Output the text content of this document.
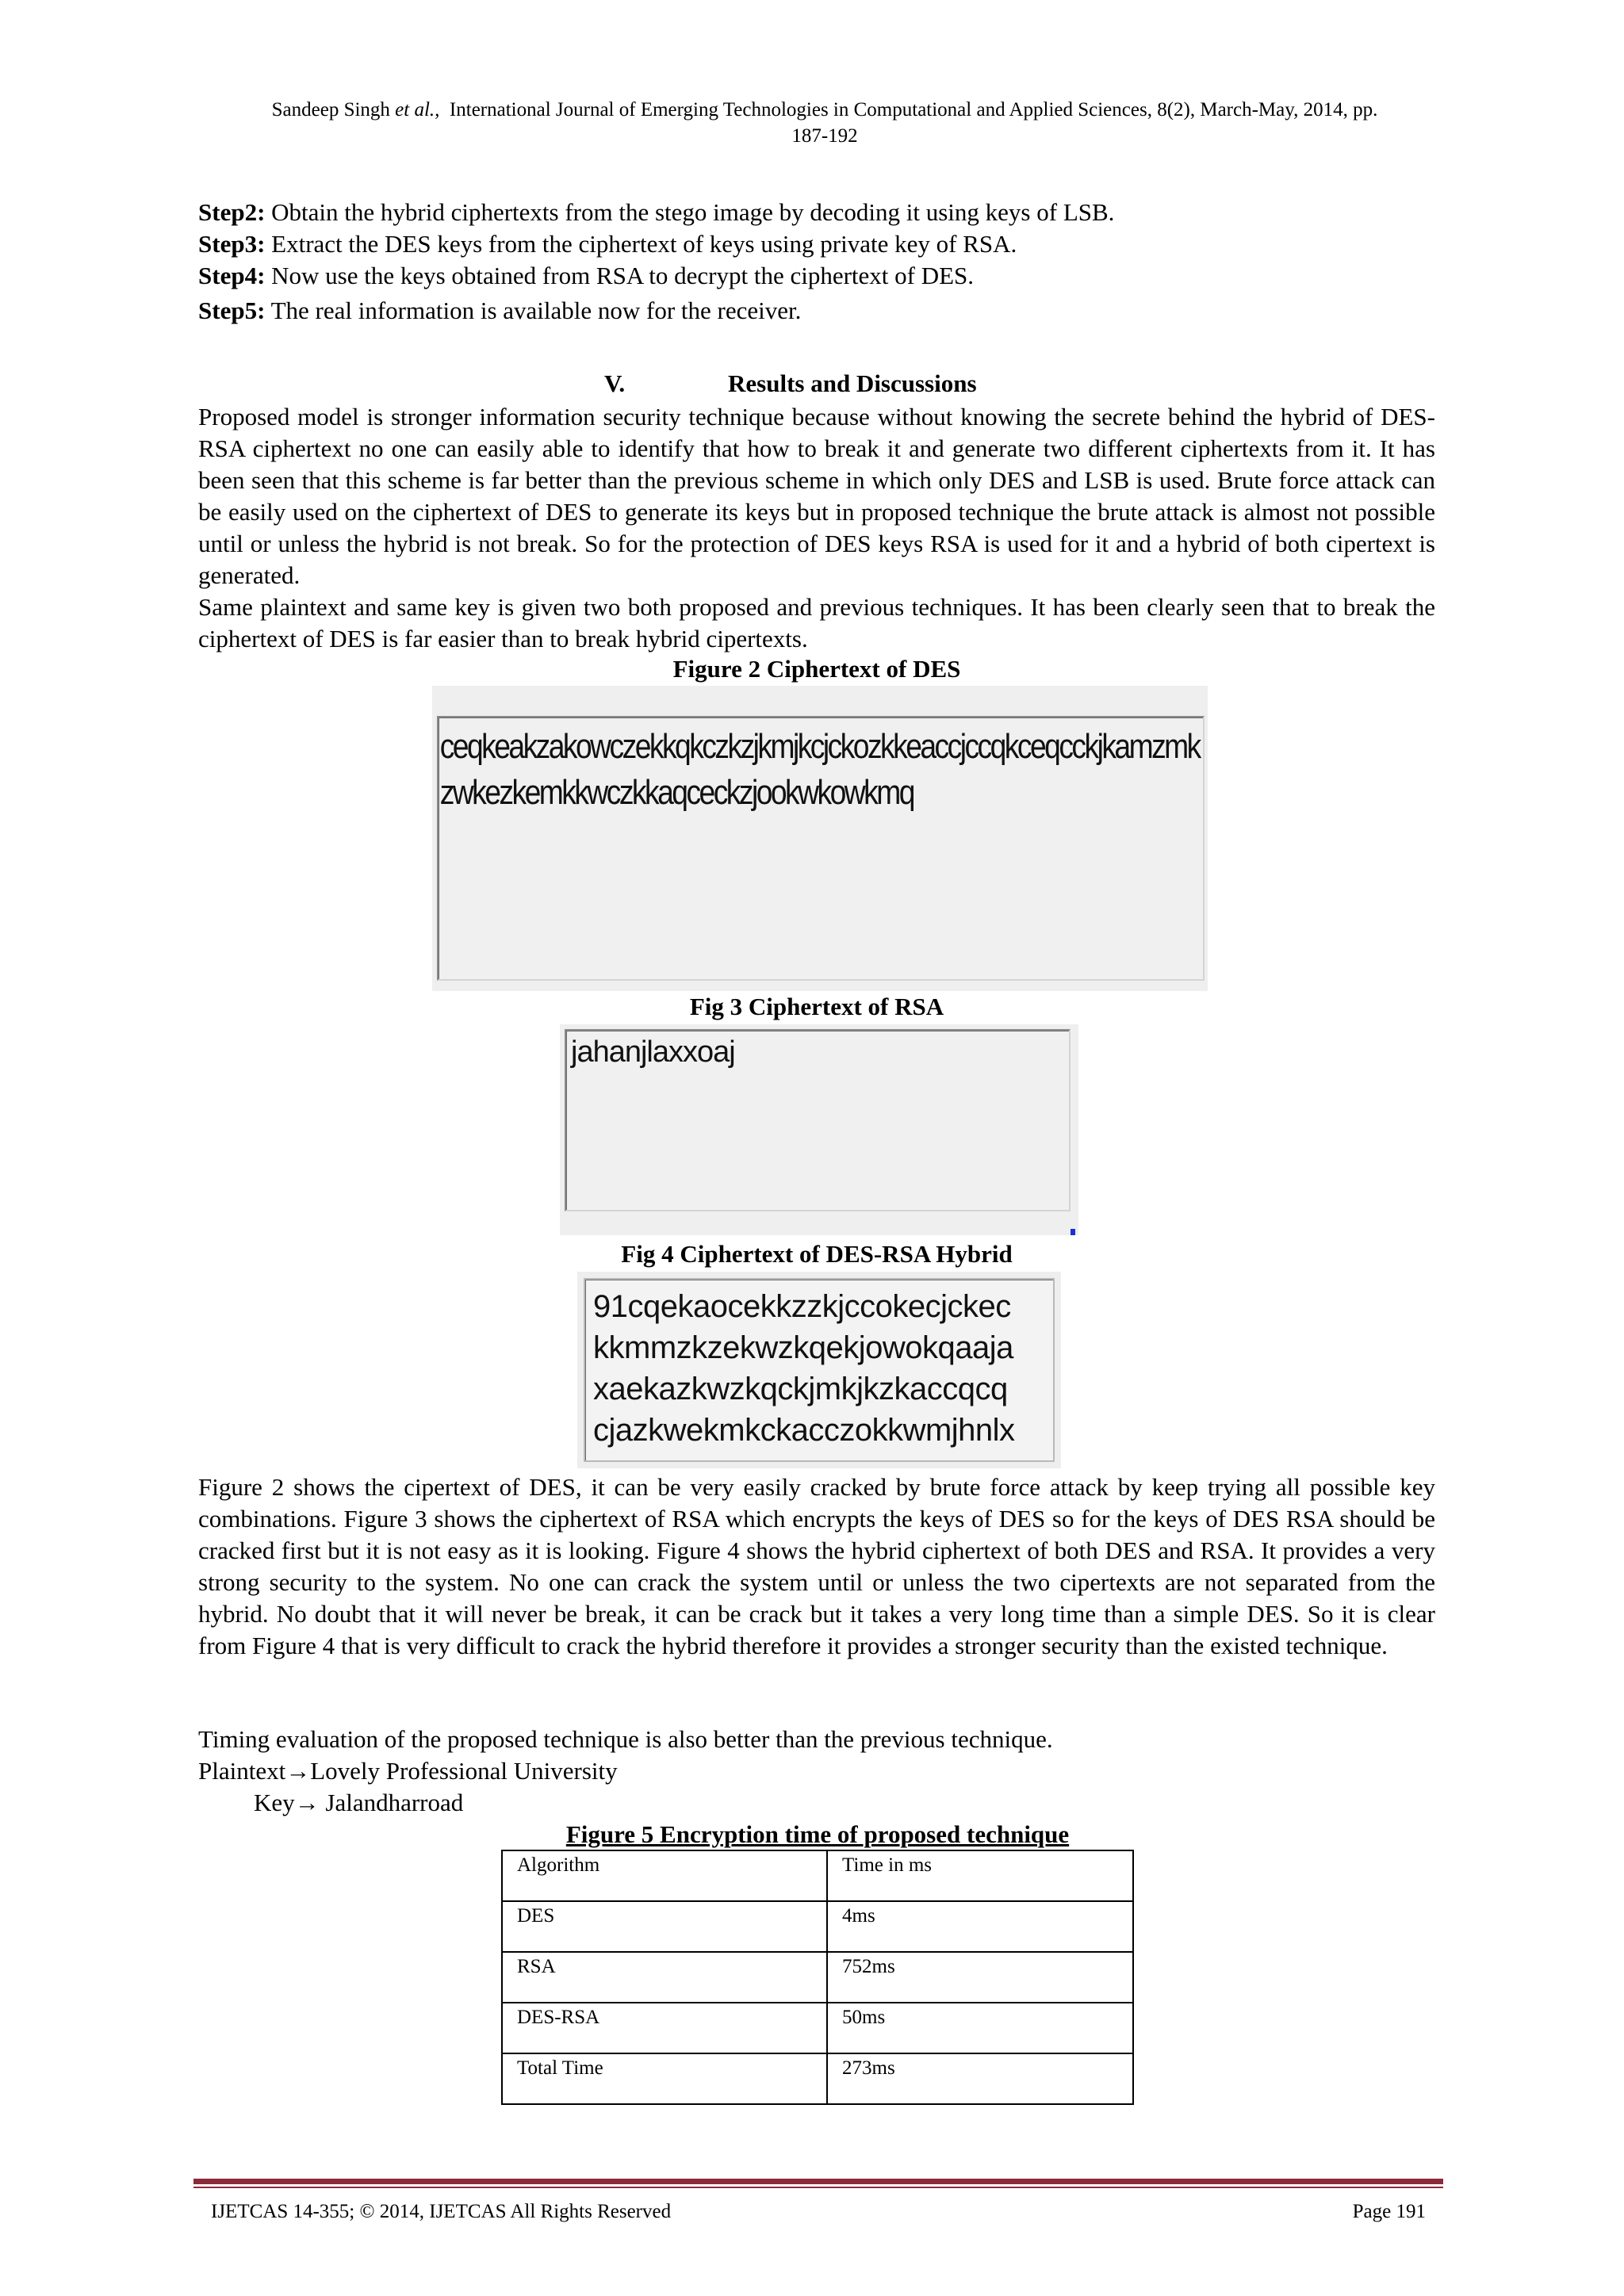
Sandeep Singh et al., International Journal of Emerging Technologies in Computational and Applied Sciences, 8(2), March-May, 2014, pp.
187-192

Step2: Obtain the hybrid ciphertexts from the stego image by decoding it using keys of LSB.

Step3: Extract the DES keys from the ciphertext of keys using private key of RSA.

Step4: Now use the keys obtained from RSA to decrypt the ciphertext of DES.

Step5: The real information is available now for the receiver.

V.	Results and Discussions

Proposed model is stronger information security technique because without knowing the secrete behind the hybrid of DES-RSA ciphertext no one can easily able to identify that how to break it and generate two different ciphertexts from it. It has been seen that this scheme is far better than the previous scheme in which only DES and LSB is used. Brute force attack can be easily used on the ciphertext of DES to generate its keys but in proposed technique the brute attack is almost not possible until or unless the hybrid is not break. So for the protection of DES keys RSA is used for it and a hybrid of both cipertext is generated.

Same plaintext and same key is given two both proposed and previous techniques. It has been clearly seen that to break the ciphertext of DES is far easier than to break hybrid cipertexts.

Figure 2 Ciphertext of DES
ceqkeakzakowczekkqkczkzjkmjkcjckozkkeaccjccqkceqcckjkamzmk
zwkezkemkkwczkkaqceckzjookwkowkmq
Fig 3 Ciphertext of RSA
jahanjlaxxoaj
Fig 4 Ciphertext of DES-RSA Hybrid
91cqekaocekkzzkjccokecjckec
kkmmzkzekwzkqekjowokqaaja
xaekazkwzkqckjmkjkzkaccqcq
cjazkwekmkckacczokkwmjhnlx

Figure 2 shows the cipertext of DES, it can be very easily cracked by brute force attack by keep trying all possible key combinations. Figure 3 shows the ciphertext of RSA which encrypts the keys of DES so for the keys of DES RSA should be cracked first but it is not easy as it is looking. Figure 4 shows the hybrid ciphertext of both DES and RSA. It provides a very strong security to the system. No one can crack the system until or unless the two cipertexts are not separated from the hybrid. No doubt that it will never be break, it can be crack but it takes a very long time than a simple DES. So it is clear from Figure 4 that is very difficult to crack the hybrid therefore it provides a stronger security than the existed technique.

Timing evaluation of the proposed technique is also better than the previous technique.

Plaintext→Lovely Professional University

Key→ Jalandharroad

Figure 5 Encryption time of proposed technique
Algorithm	Time in ms
DES	4ms
RSA	752ms
DES-RSA	50ms
Total Time	273ms
IJETCAS 14-355; © 2014, IJETCAS All Rights Reserved	Page 191
